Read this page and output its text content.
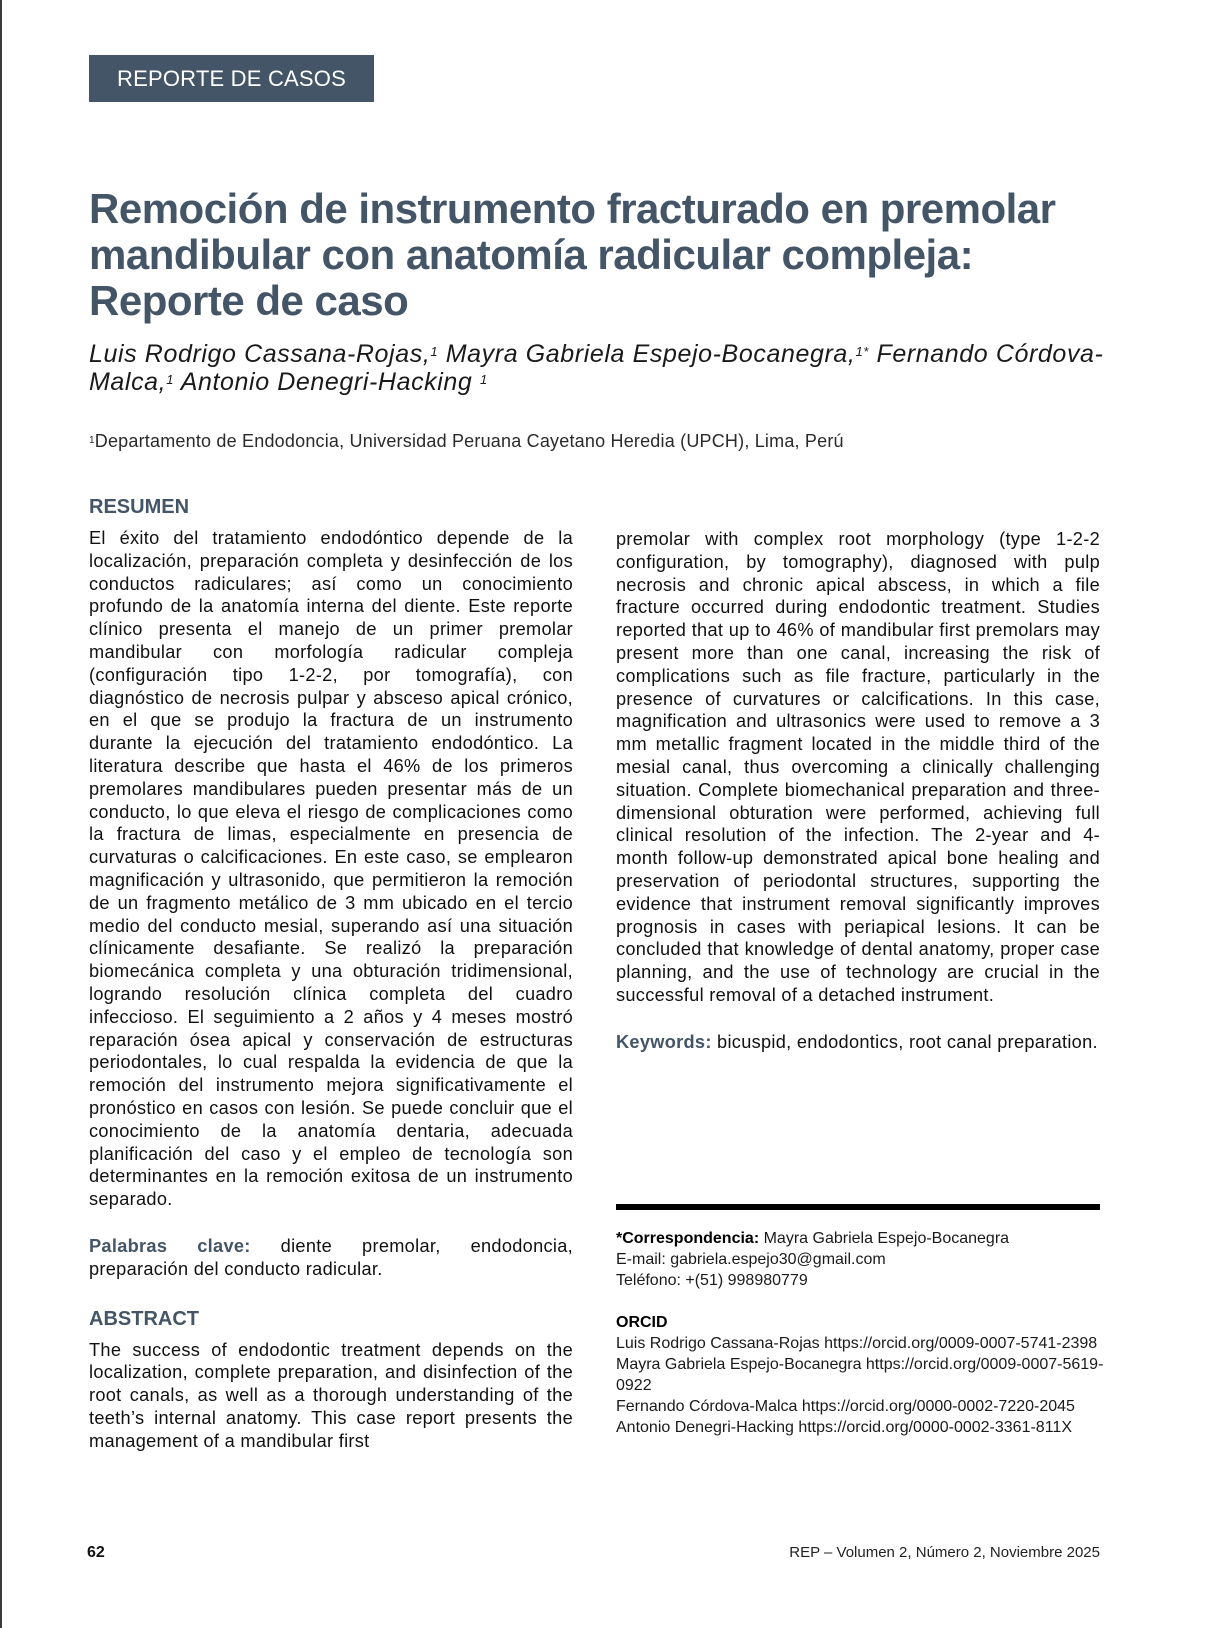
REPORTE DE CASOS
Remoción de instrumento fracturado en premolar mandibular con anatomía radicular compleja: Reporte de caso
Luis Rodrigo Cassana-Rojas,$^1$ Mayra Gabriela Espejo-Bocanegra,$^{1*}$ Fernando Córdova-Malca,$^1$ Antonio Denegri-Hacking $^1$
$^1$Departamento de Endodoncia, Universidad Peruana Cayetano Heredia (UPCH), Lima, Perú
RESUMEN

El éxito del tratamiento endodóntico depende de la localización, preparación completa y desinfección de los conductos radiculares; así como un conocimiento profundo de la anatomía interna del diente. Este reporte clínico presenta el manejo de un primer premolar mandibular con morfología radicular compleja (configuración tipo 1-2-2, por tomografía), con diagnóstico de necrosis pulpar y absceso apical crónico, en el que se produjo la fractura de un instrumento durante la ejecución del tratamiento endodóntico. La literatura describe que hasta el 46% de los primeros premolares mandibulares pueden presentar más de un conducto, lo que eleva el riesgo de complicaciones como la fractura de limas, especialmente en presencia de curvaturas o calcificaciones. En este caso, se emplearon magnificación y ultrasonido, que permitieron la remoción de un fragmento metálico de 3 mm ubicado en el tercio medio del conducto mesial, superando así una situación clínicamente desafiante. Se realizó la preparación biomecánica completa y una obturación tridimensional, logrando resolución clínica completa del cuadro infeccioso. El seguimiento a 2 años y 4 meses mostró reparación ósea apical y conservación de estructuras periodontales, lo cual respalda la evidencia de que la remoción del instrumento mejora significativamente el pronóstico en casos con lesión. Se puede concluir que el conocimiento de la anatomía dentaria, adecuada planificación del caso y el empleo de tecnología son determinantes en la remoción exitosa de un instrumento separado.

Palabras clave: diente premolar, endodoncia, preparación del conducto radicular.

ABSTRACT

The success of endodontic treatment depends on the localization, complete preparation, and disinfection of the root canals, as well as a thorough understanding of the teeth’s internal anatomy. This case report presents the management of a mandibular first

premolar with complex root morphology (type 1-2-2 configuration, by tomography), diagnosed with pulp necrosis and chronic apical abscess, in which a file fracture occurred during endodontic treatment. Studies reported that up to 46% of mandibular first premolars may present more than one canal, increasing the risk of complications such as file fracture, particularly in the presence of curvatures or calcifications. In this case, magnification and ultrasonics were used to remove a 3 mm metallic fragment located in the middle third of the mesial canal, thus overcoming a clinically challenging situation. Complete biomechanical preparation and three-dimensional obturation were performed, achieving full clinical resolution of the infection. The 2-year and 4-month follow-up demonstrated apical bone healing and preservation of periodontal structures, supporting the evidence that instrument removal significantly improves prognosis in cases with periapical lesions. It can be concluded that knowledge of dental anatomy, proper case planning, and the use of technology are crucial in the successful removal of a detached instrument.

Keywords: bicuspid, endodontics, root canal preparation.

*Correspondencia: Mayra Gabriela Espejo-Bocanegra
E-mail: gabriela.espejo30@gmail.com
Teléfono: +(51) 998980779
ORCID
Luis Rodrigo Cassana-Rojas https://orcid.org/0009-0007-5741-2398
Mayra Gabriela Espejo-Bocanegra https://orcid.org/0009-0007-5619-0922
Fernando Córdova-Malca https://orcid.org/0000-0002-7220-2045
Antonio Denegri-Hacking https://orcid.org/0000-0002-3361-811X
62	REP – Volumen 2, Número 2, Noviembre 2025
